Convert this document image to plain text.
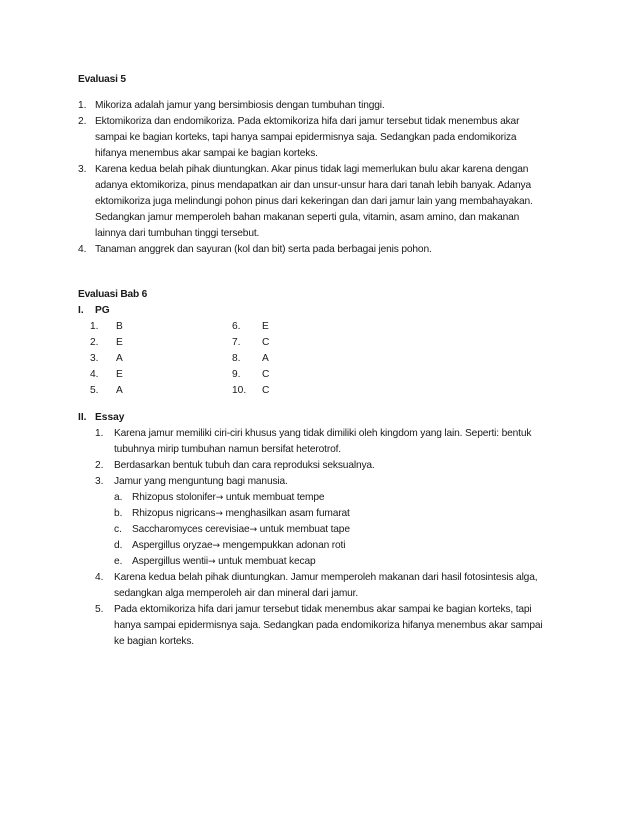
Evaluasi 5
1. Mikoriza adalah jamur yang bersimbiosis dengan tumbuhan tinggi.
2. Ektomikoriza dan endomikoriza. Pada ektomikoriza hifa dari jamur tersebut tidak menembus akar
sampai ke bagian korteks, tapi hanya sampai epidermisnya saja. Sedangkan pada endomikoriza
hifanya menembus akar sampai ke bagian korteks.
3. Karena kedua belah pihak diuntungkan. Akar pinus tidak lagi memerlukan bulu akar karena dengan
adanya ektomikoriza, pinus mendapatkan air dan unsur-unsur hara dari tanah lebih banyak. Adanya
ektomikoriza juga melindungi pohon pinus dari kekeringan dan dari jamur lain yang membahayakan.
Sedangkan jamur memperoleh bahan makanan seperti gula, vitamin, asam amino, dan makanan
lainnya dari tumbuhan tinggi tersebut.
4. Tanaman anggrek dan sayuran (kol dan bit) serta pada berbagai jenis pohon.
Evaluasi Bab 6
I. PG
1. B
2. E
3. A
4. E
5. A
6. E
7. C
8. A
9. C
10. C
II. Essay
1. Karena jamur memiliki ciri-ciri khusus yang tidak dimiliki oleh kingdom yang lain. Seperti: bentuk
tubuhnya mirip tumbuhan namun bersifat heterotrof.
2. Berdasarkan bentuk tubuh dan cara reproduksi seksualnya.
3. Jamur yang menguntung bagi manusia.
a. Rhizopus stolonifer→ untuk membuat tempe
b. Rhizopus nigricans→ menghasilkan asam fumarat
c. Saccharomyces cerevisiae→ untuk membuat tape
d. Aspergillus oryzae→ mengempukkan adonan roti
e. Aspergillus wentii→ untuk membuat kecap
4. Karena kedua belah pihak diuntungkan. Jamur memperoleh makanan dari hasil fotosintesis alga,
sedangkan alga memperoleh air dan mineral dari jamur.
5. Pada ektomikoriza hifa dari jamur tersebut tidak menembus akar sampai ke bagian korteks, tapi
hanya sampai epidermisnya saja. Sedangkan pada endomikoriza hifanya menembus akar sampai
ke bagian korteks.
